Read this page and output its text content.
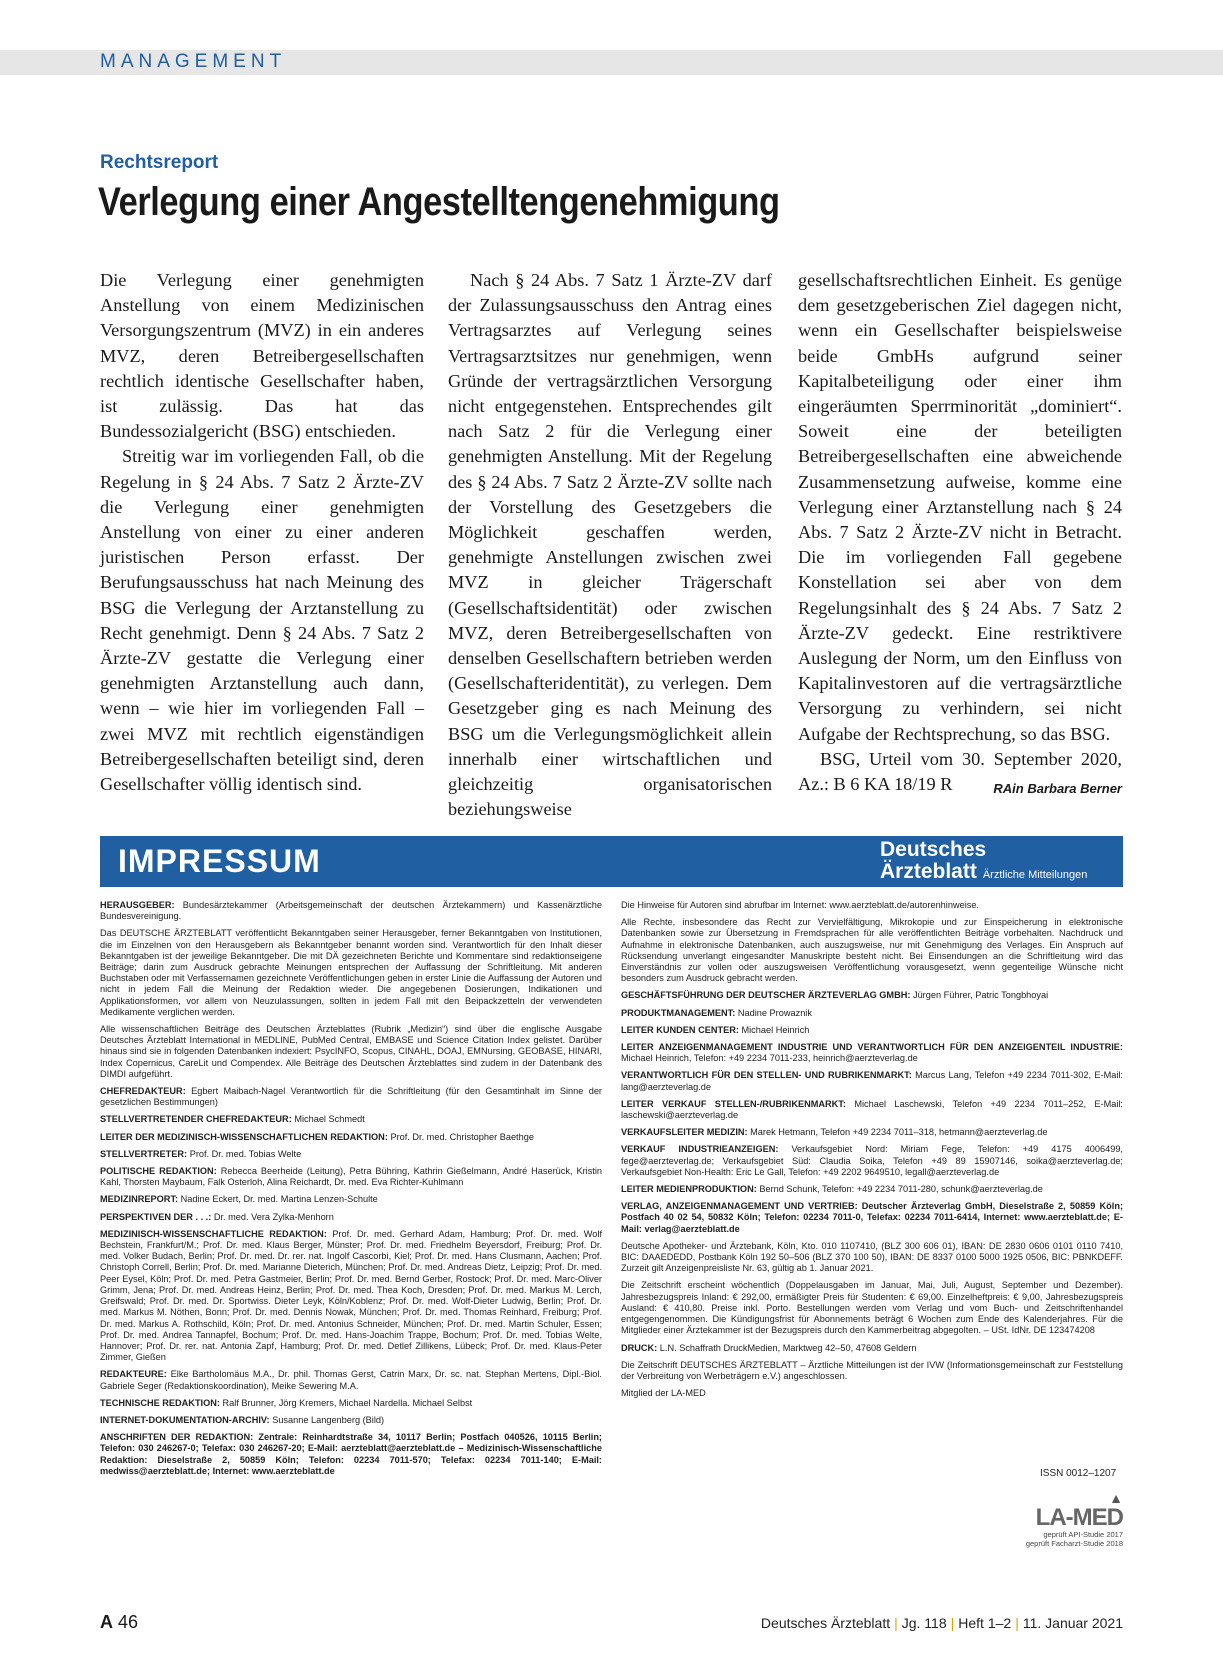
MANAGEMENT
Rechtsreport
Verlegung einer Angestelltengenehmigung

Die Verlegung einer genehmigten Anstellung von einem Medizinischen Versorgungszentrum (MVZ) in ein anderes MVZ, deren Betreibergesellschaften rechtlich identische Gesellschafter haben, ist zulässig. Das hat das Bundessozialgericht (BSG) entschieden.

Streitig war im vorliegenden Fall, ob die Regelung in § 24 Abs. 7 Satz 2 Ärzte-ZV die Verlegung einer genehmigten Anstellung von einer zu einer anderen juristischen Person erfasst. Der Berufungsausschuss hat nach Meinung des BSG die Verlegung der Arztanstellung zu Recht genehmigt. Denn § 24 Abs. 7 Satz 2 Ärzte-ZV gestatte die Verlegung einer genehmigten Arztanstellung auch dann, wenn – wie hier im vorliegenden Fall – zwei MVZ mit rechtlich eigenständigen Betreibergesellschaften beteiligt sind, deren Gesellschafter völlig identisch sind.

Nach § 24 Abs. 7 Satz 1 Ärzte-ZV darf der Zulassungsausschuss den Antrag eines Vertragsarztes auf Verlegung seines Vertragsarztsitzes nur genehmigen, wenn Gründe der vertragsärztlichen Versorgung nicht entgegenstehen. Entsprechendes gilt nach Satz 2 für die Verlegung einer genehmigten Anstellung. Mit der Regelung des § 24 Abs. 7 Satz 2 Ärzte-ZV sollte nach der Vorstellung des Gesetzgebers die Möglichkeit geschaffen werden, genehmigte Anstellungen zwischen zwei MVZ in gleicher Trägerschaft (Gesellschaftsidentität) oder zwischen MVZ, deren Betreibergesellschaften von denselben Gesellschaftern betrieben werden (Gesellschafteridentität), zu verlegen. Dem Gesetzgeber ging es nach Meinung des BSG um die Verlegungsmöglichkeit allein innerhalb einer wirtschaftlichen und gleichzeitig organisatorischen beziehungsweise

gesellschaftsrechtlichen Einheit. Es genüge dem gesetzgeberischen Ziel dagegen nicht, wenn ein Gesellschafter beispielsweise beide GmbHs aufgrund seiner Kapitalbeteiligung oder einer ihm eingeräumten Sperrminorität „dominiert“. Soweit eine der beteiligten Betreibergesellschaften eine abweichende Zusammensetzung aufweise, komme eine Verlegung einer Arztanstellung nach § 24 Abs. 7 Satz 2 Ärzte-ZV nicht in Betracht. Die im vorliegenden Fall gegebene Konstellation sei aber von dem Regelungsinhalt des § 24 Abs. 7 Satz 2 Ärzte-ZV gedeckt. Eine restriktivere Auslegung der Norm, um den Einfluss von Kapitalinvestoren auf die vertragsärztliche Versorgung zu verhindern, sei nicht Aufgabe der Rechtsprechung, so das BSG.

BSG, Urteil vom 30. September 2020, Az.: B 6 KA 18/19 R	RAin Barbara Berner

IMPRESSUM	Deutsches
Ärzteblatt Ärztliche Mitteilungen
HERAUSGEBER: Bundesärztekammer (Arbeitsgemeinschaft der deutschen Ärztekammern) und Kassenärztliche Bundesvereinigung.
Das DEUTSCHE ÄRZTEBLATT veröffentlicht Bekanntgaben seiner Herausgeber, ferner Bekanntgaben von Institutionen, die im Einzelnen von den Herausgebern als Bekanntgeber benannt worden sind. Verantwortlich für den Inhalt dieser Bekanntgaben ist der jeweilige Bekanntgeber. Die mit DÄ gezeichneten Berichte und Kommentare sind redaktionseigene Beiträge; darin zum Ausdruck gebrachte Meinungen entsprechen der Auffassung der Schriftleitung. Mit anderen Buchstaben oder mit Verfassernamen gezeichnete Veröffentlichungen geben in erster Linie die Auffassung der Autoren und nicht in jedem Fall die Meinung der Redaktion wieder. Die angegebenen Dosierungen, Indikationen und Applikationsformen, vor allem von Neuzulassungen, sollten in jedem Fall mit den Beipackzetteln der verwendeten Medikamente verglichen werden.
Alle wissenschaftlichen Beiträge des Deutschen Ärzteblattes (Rubrik „Medizin“) sind über die englische Ausgabe Deutsches Ärzteblatt International in MEDLINE, PubMed Central, EMBASE und Science Citation Index gelistet. Darüber hinaus sind sie in folgenden Datenbanken indexiert: PsycINFO, Scopus, CINAHL, DOAJ, EMNursing, GEOBASE, HINARI, Index Copernicus, CareLit und Compendex. Alle Beiträge des Deutschen Ärzteblattes sind zudem in der Datenbank des DIMDI aufgeführt.
CHEFREDAKTEUR: Egbert Maibach-Nagel Verantwortlich für die Schriftleitung (für den Gesamtinhalt im Sinne der gesetzlichen Bestimmungen)
STELLVERTRETENDER CHEFREDAKTEUR: Michael Schmedt
LEITER DER MEDIZINISCH-WISSENSCHAFTLICHEN REDAKTION: Prof. Dr. med. Christopher Baethge
STELLVERTRETER: Prof. Dr. med. Tobias Welte
POLITISCHE REDAKTION: Rebecca Beerheide (Leitung), Petra Bühring, Kathrin Gießelmann, André Haserück, Kristin Kahl, Thorsten Maybaum, Falk Osterloh, Alina Reichardt, Dr. med. Eva Richter-Kuhlmann
MEDIZINREPORT: Nadine Eckert, Dr. med. Martina Lenzen-Schulte
PERSPEKTIVEN DER . . .: Dr. med. Vera Zylka-Menhorn
MEDIZINISCH-WISSENSCHAFTLICHE REDAKTION: Prof. Dr. med. Gerhard Adam, Hamburg; Prof. Dr. med. Wolf Bechstein, Frankfurt/M.; Prof. Dr. med. Klaus Berger, Münster; Prof. Dr. med. Friedhelm Beyersdorf, Freiburg; Prof. Dr. med. Volker Budach, Berlin; Prof. Dr. med. Dr. rer. nat. Ingolf Cascorbi, Kiel; Prof. Dr. med. Hans Clusmann, Aachen; Prof. Christoph Correll, Berlin; Prof. Dr. med. Marianne Dieterich, München; Prof. Dr. med. Andreas Dietz, Leipzig; Prof. Dr. med. Peer Eysel, Köln; Prof. Dr. med. Petra Gastmeier, Berlin; Prof. Dr. med. Bernd Gerber, Rostock; Prof. Dr. med. Marc-Oliver Grimm, Jena; Prof. Dr. med. Andreas Heinz, Berlin; Prof. Dr. med. Thea Koch, Dresden; Prof. Dr. med. Markus M. Lerch, Greifswald; Prof. Dr. med. Dr. Sportwiss. Dieter Leyk, Köln/Koblenz; Prof. Dr. med. Wolf-Dieter Ludwig, Berlin; Prof. Dr. med. Markus M. Nöthen, Bonn; Prof. Dr. med. Dennis Nowak, München; Prof. Dr. med. Thomas Reinhard, Freiburg; Prof. Dr. med. Markus A. Rothschild, Köln; Prof. Dr. med. Antonius Schneider, München; Prof. Dr. med. Martin Schuler, Essen; Prof. Dr. med. Andrea Tannapfel, Bochum; Prof. Dr. med. Hans-Joachim Trappe, Bochum; Prof. Dr. med. Tobias Welte, Hannover; Prof. Dr. rer. nat. Antonia Zapf, Hamburg; Prof. Dr. med. Detlef Zillikens, Lübeck; Prof. Dr. med. Klaus-Peter Zimmer, Gießen
REDAKTEURE: Elke Bartholomäus M.A., Dr. phil. Thomas Gerst, Catrin Marx, Dr. sc. nat. Stephan Mertens, Dipl.-Biol. Gabriele Seger (Redaktionskoordination), Meike Sewering M.A.
TECHNISCHE REDAKTION: Ralf Brunner, Jörg Kremers, Michael Nardella. Michael Selbst
INTERNET-DOKUMENTATION-ARCHIV: Susanne Langenberg (Bild)
ANSCHRIFTEN DER REDAKTION: Zentrale: Reinhardtstraße 34, 10117 Berlin; Postfach 040526, 10115 Berlin; Telefon: 030 246267-0; Telefax: 030 246267-20; E-Mail: aerzteblatt@aerzteblatt.de – Medizinisch-Wissenschaftliche Redaktion: Dieselstraße 2, 50859 Köln; Telefon: 02234 7011-570; Telefax: 02234 7011-140; E-Mail: medwiss@aerzteblatt.de; Internet: www.aerzteblatt.de
Die Hinweise für Autoren sind abrufbar im Internet: www.aerzteblatt.de/autorenhinweise.
Alle Rechte, insbesondere das Recht zur Vervielfältigung, Mikrokopie und zur Einspeicherung in elektronische Datenbanken sowie zur Übersetzung in Fremdsprachen für alle veröffentlichten Beiträge vorbehalten. Nachdruck und Aufnahme in elektronische Datenbanken, auch auszugsweise, nur mit Genehmigung des Verlages. Ein Anspruch auf Rücksendung unverlangt eingesandter Manuskripte besteht nicht. Bei Einsendungen an die Schriftleitung wird das Einverständnis zur vollen oder auszugsweisen Veröffentlichung vorausgesetzt, wenn gegenteilige Wünsche nicht besonders zum Ausdruck gebracht werden.
GESCHÄFTSFÜHRUNG DER DEUTSCHER ÄRZTEVERLAG GMBH: Jürgen Führer, Patric Tongbhoyai
PRODUKTMANAGEMENT: Nadine Prowaznik
LEITER KUNDEN CENTER: Michael Heinrich
LEITER ANZEIGENMANAGEMENT INDUSTRIE UND VERANTWORTLICH FÜR DEN ANZEIGENTEIL INDUSTRIE: Michael Heinrich, Telefon: +49 2234 7011-233, heinrich@aerzteverlag.de
VERANTWORTLICH FÜR DEN STELLEN- UND RUBRIKENMARKT: Marcus Lang, Telefon +49 2234 7011-302, E-Mail: lang@aerzteverlag.de
LEITER VERKAUF STELLEN-/RUBRIKENMARKT: Michael Laschewski, Telefon +49 2234 7011–252, E-Mail: laschewski@aerzteverlag.de
VERKAUFSLEITER MEDIZIN: Marek Hetmann, Telefon +49 2234 7011–318, hetmann@aerzteverlag.de
VERKAUF INDUSTRIEANZEIGEN: Verkaufsgebiet Nord: Miriam Fege, Telefon: +49 4175 4006499, fege@aerzteverlag.de; Verkaufsgebiet Süd: Claudia Soika, Telefon +49 89 15907146, soika@aerzteverlag.de; Verkaufsgebiet Non-Health: Eric Le Gall, Telefon: +49 2202 9649510, legall@aerzteverlag.de
LEITER MEDIENPRODUKTION: Bernd Schunk, Telefon: +49 2234 7011-280, schunk@aerzteverlag.de
VERLAG, ANZEIGENMANAGEMENT UND VERTRIEB: Deutscher Ärzteverlag GmbH, Dieselstraße 2, 50859 Köln; Postfach 40 02 54, 50832 Köln; Telefon: 02234 7011-0, Telefax: 02234 7011-6414, Internet: www.aerzteblatt.de; E-Mail: verlag@aerzteblatt.de
Deutsche Apotheker- und Ärztebank, Köln, Kto. 010 1107410, (BLZ 300 606 01), IBAN: DE 2830 0606 0101 0110 7410, BIC: DAAEDEDD, Postbank Köln 192 50–506 (BLZ 370 100 50), IBAN: DE 8337 0100 5000 1925 0506, BIC: PBNKDEFF. Zurzeit gilt Anzeigenpreisliste Nr. 63, gültig ab 1. Januar 2021.
Die Zeitschrift erscheint wöchentlich (Doppelausgaben im Januar, Mai, Juli, August, September und Dezember). Jahresbezugspreis Inland: € 292,00, ermäßigter Preis für Studenten: € 69,00. Einzelheftpreis: € 9,00, Jahresbezugspreis Ausland: € 410,80. Preise inkl. Porto. Bestellungen werden vom Verlag und vom Buch- und Zeitschriftenhandel entgegengenommen. Die Kündigungsfrist für Abonnements beträgt 6 Wochen zum Ende des Kalenderjahres. Für die Mitglieder einer Ärztekammer ist der Bezugspreis durch den Kammerbeitrag abgegolten. – USt. IdNr. DE 123474208
DRUCK: L.N. Schaffrath DruckMedien, Marktweg 42–50, 47608 Geldern
Die Zeitschrift DEUTSCHES ÄRZTEBLATT – Ärztliche Mitteilungen ist der IVW (Informationsgemeinschaft zur Feststellung der Verbreitung von Werbeträgern e.V.) angeschlossen.
Mitglied der LA-MED
ISSN 0012–1207
▲
LA-MED
geprüft API-Studie 2017
geprüft Facharzt-Studie 2018
A 46	Deutsches Ärzteblatt | Jg. 118 | Heft 1–2 | 11. Januar 2021
